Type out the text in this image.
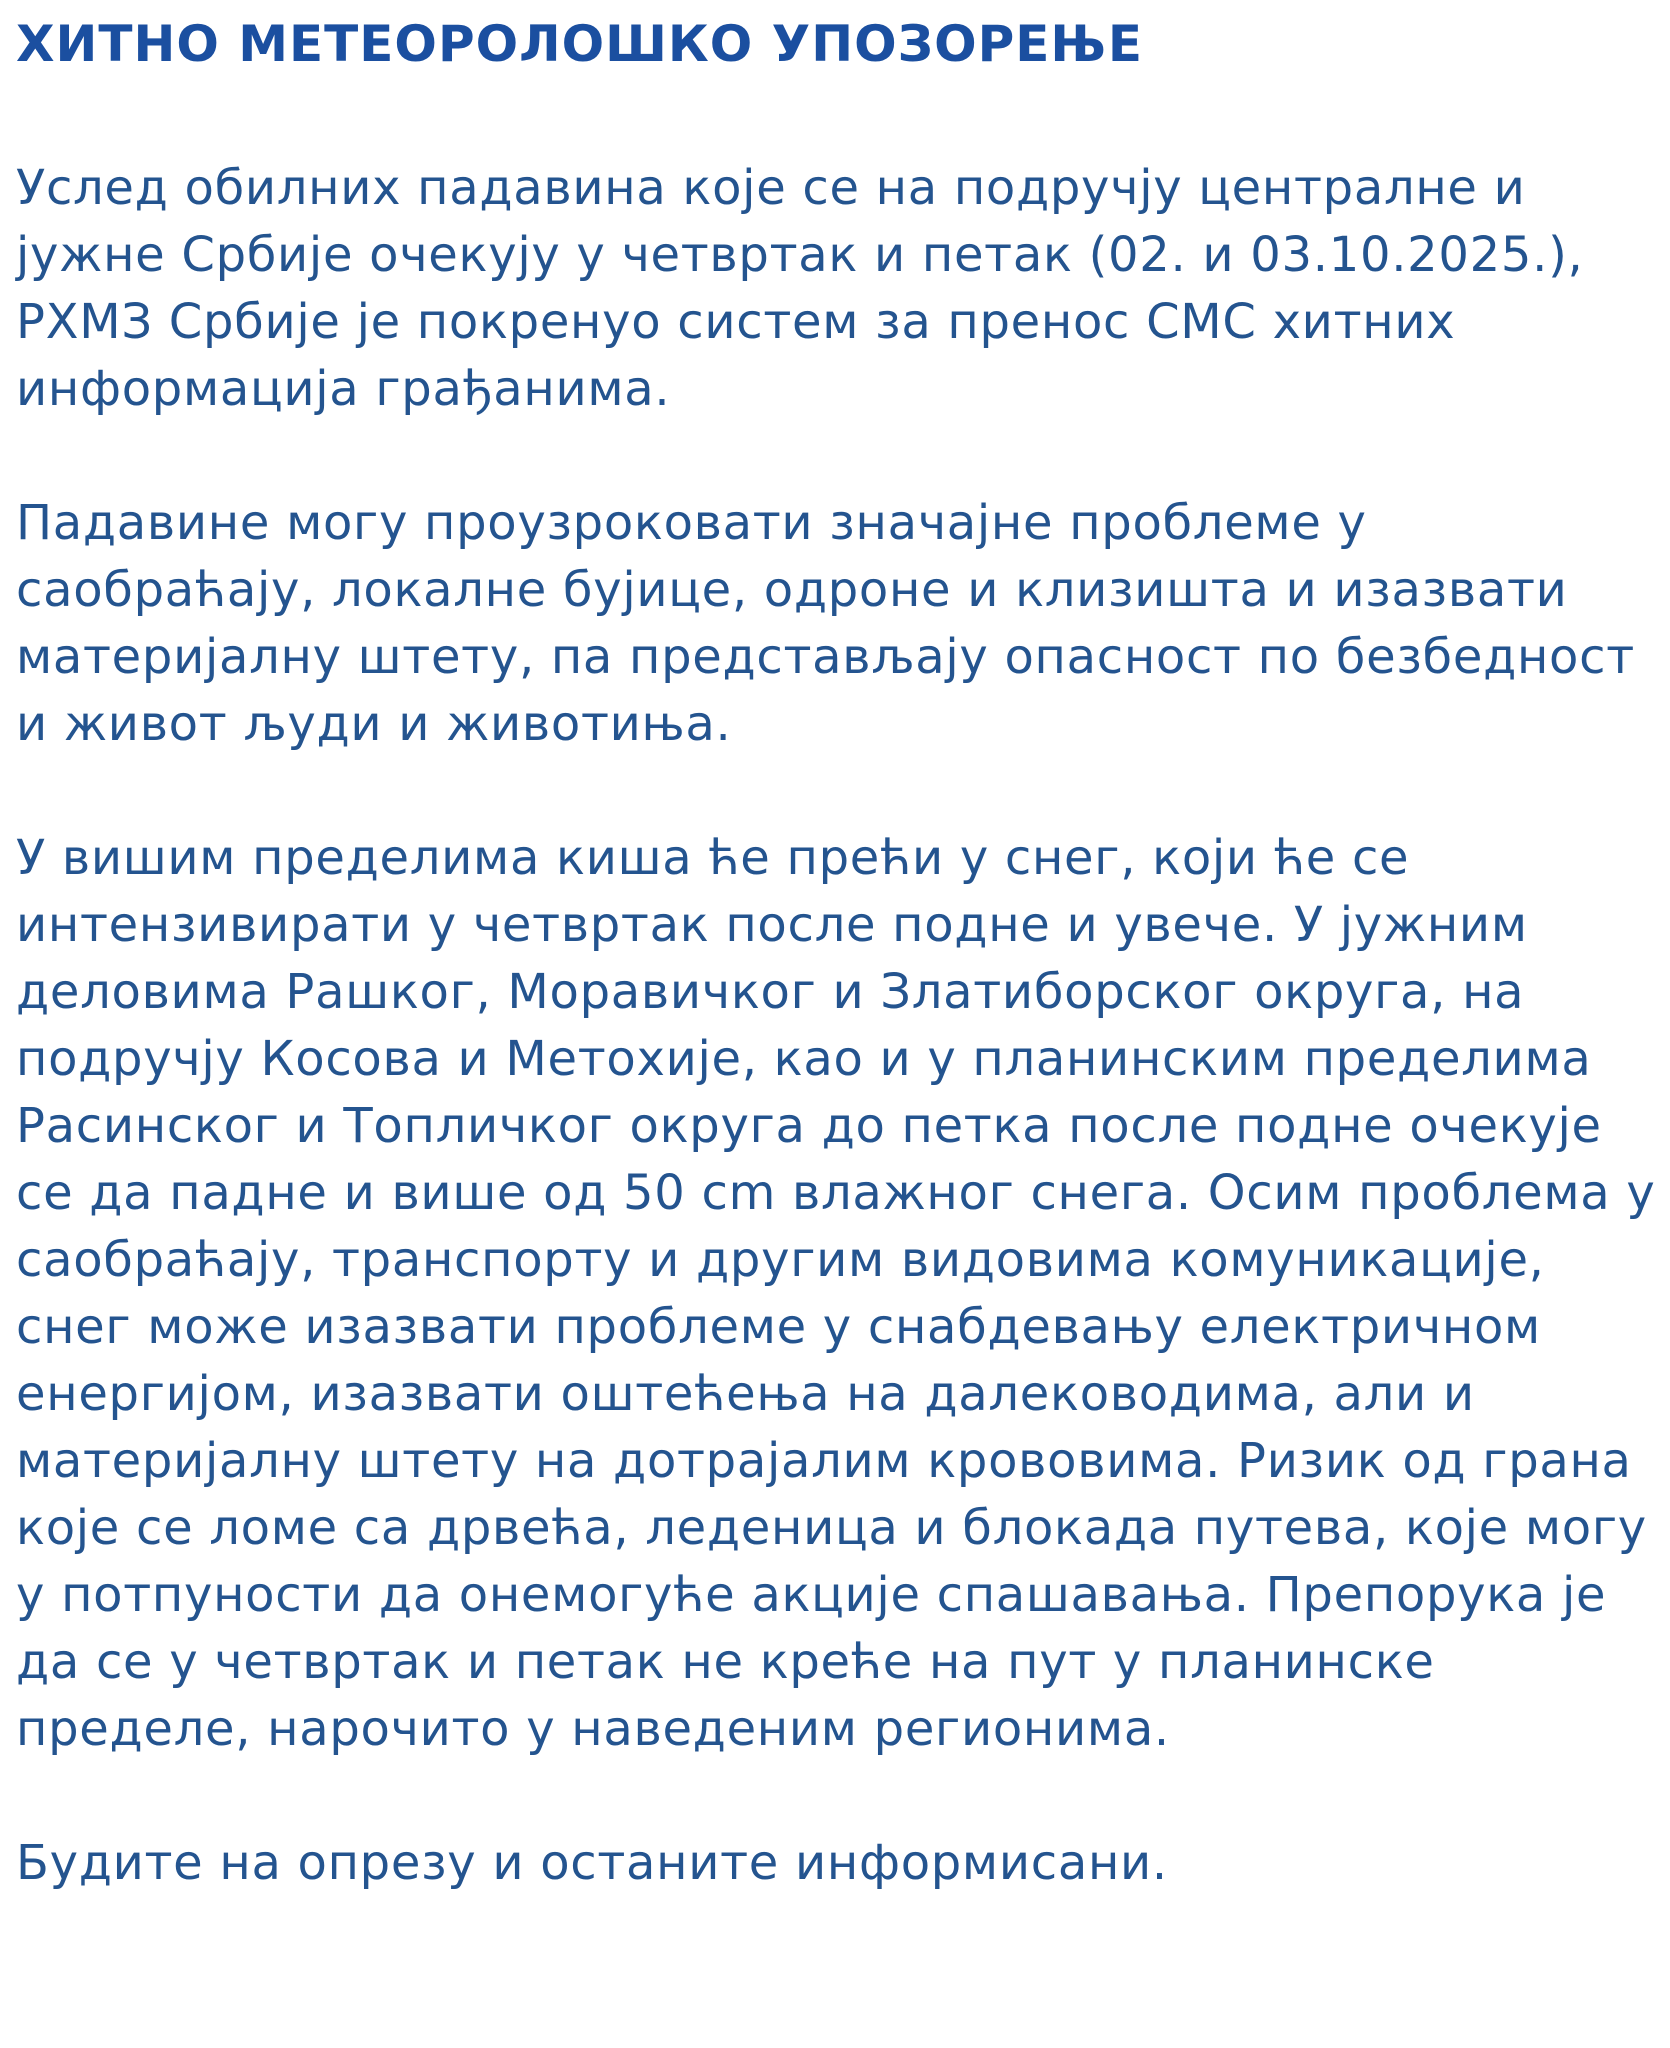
ХИТНО МЕТЕОРОЛОШКО УПОЗОРЕЊЕ

Услед обилних падавина које се на подручју централне и јужне Србије очекују у четвртак и петак (02. и 03.10.2025.), РХМЗ Србије је покренуо систем за пренос СМС хитних информација грађанима.

Падавине могу проузроковати значајне проблеме у саобраћају, локалне бујице, одроне и клизишта и изазвати материјалну штету, па представљају опасност по безбедност и живот људи и животиња.

У вишим пределима киша ће прећи у снег, који ће се интензивирати у четвртак после подне и увече. У јужним деловима Рашког, Моравичког и Златиборског округа, на подручју Косова и Метохије, као и у планинским пределима Расинског и Топличког округа до петка после подне очекује се да падне и више од 50 cm влажног снега. Осим проблема у саобраћају, транспорту и другим видовима комуникације, снег може изазвати проблеме у снабдевању електричном енергијом, изазвати оштећења на далеководима, али и материјалну штету на дотрајалим крововима. Ризик од грана које се ломе са дрвећа, леденица и блокада путева, које могу у потпуности да онемогуће акције спашавања. Препорука је да се у четвртак и петак не креће на пут у планинске пределе, нарочито у наведеним регионима.

Будите на опрезу и останите информисани.
